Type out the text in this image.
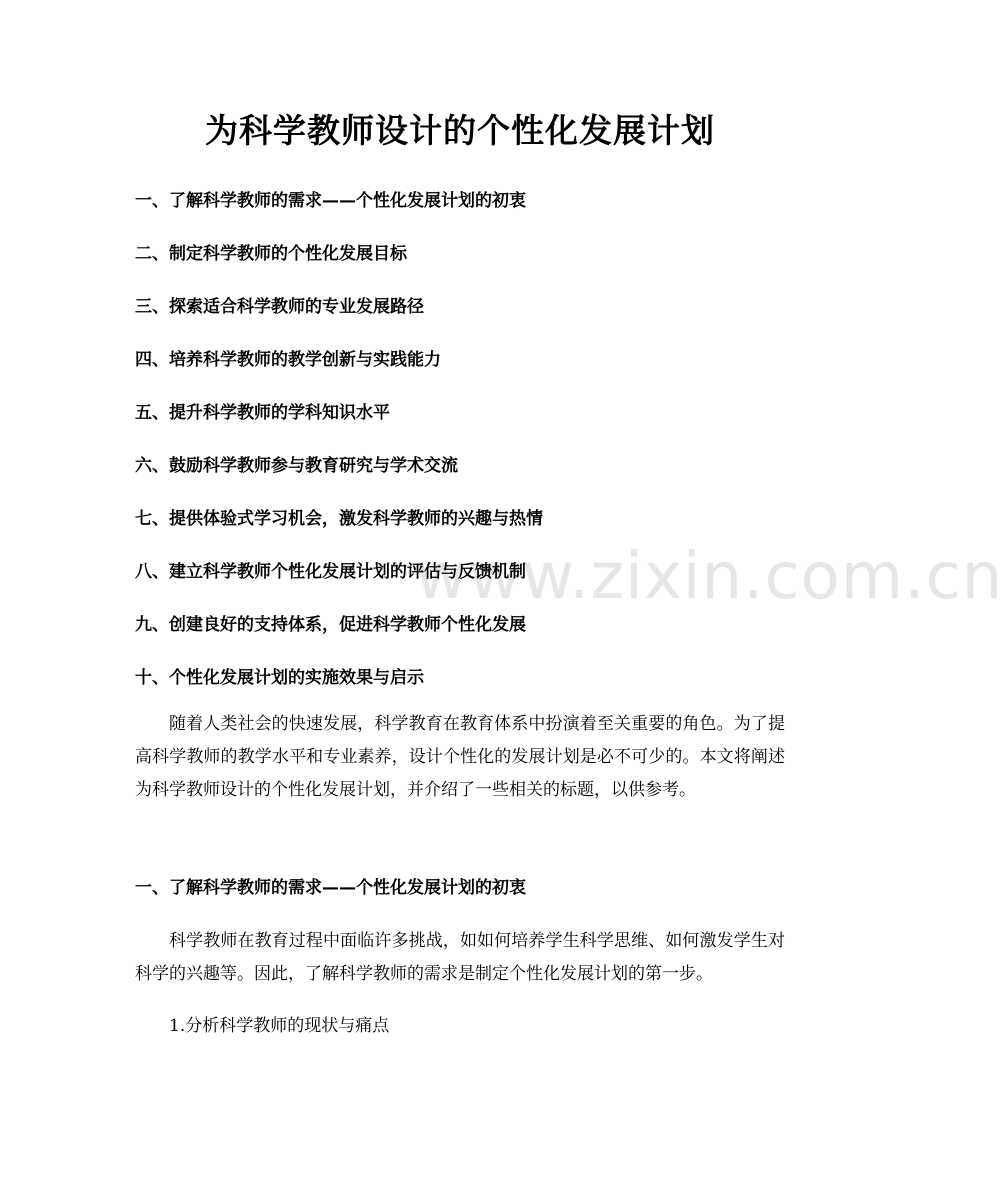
www.zixin.com.cn
为科学教师设计的个性化发展计划
一、了解科学教师的需求——个性化发展计划的初衷
二、制定科学教师的个性化发展目标
三、探索适合科学教师的专业发展路径
四、培养科学教师的教学创新与实践能力
五、提升科学教师的学科知识水平
六、鼓励科学教师参与教育研究与学术交流
七、提供体验式学习机会，激发科学教师的兴趣与热情
八、建立科学教师个性化发展计划的评估与反馈机制
九、创建良好的支持体系，促进科学教师个性化发展
十、个性化发展计划的实施效果与启示
随着人类社会的快速发展，科学教育在教育体系中扮演着至关重要的角色。为了提高科学教师的教学水平和专业素养，设计个性化的发展计划是必不可少的。本文将阐述为科学教师设计的个性化发展计划，并介绍了一些相关的标题，以供参考。
一、了解科学教师的需求——个性化发展计划的初衷
科学教师在教育过程中面临许多挑战，如如何培养学生科学思维、如何激发学生对科学的兴趣等。因此，了解科学教师的需求是制定个性化发展计划的第一步。
1.分析科学教师的现状与痛点
